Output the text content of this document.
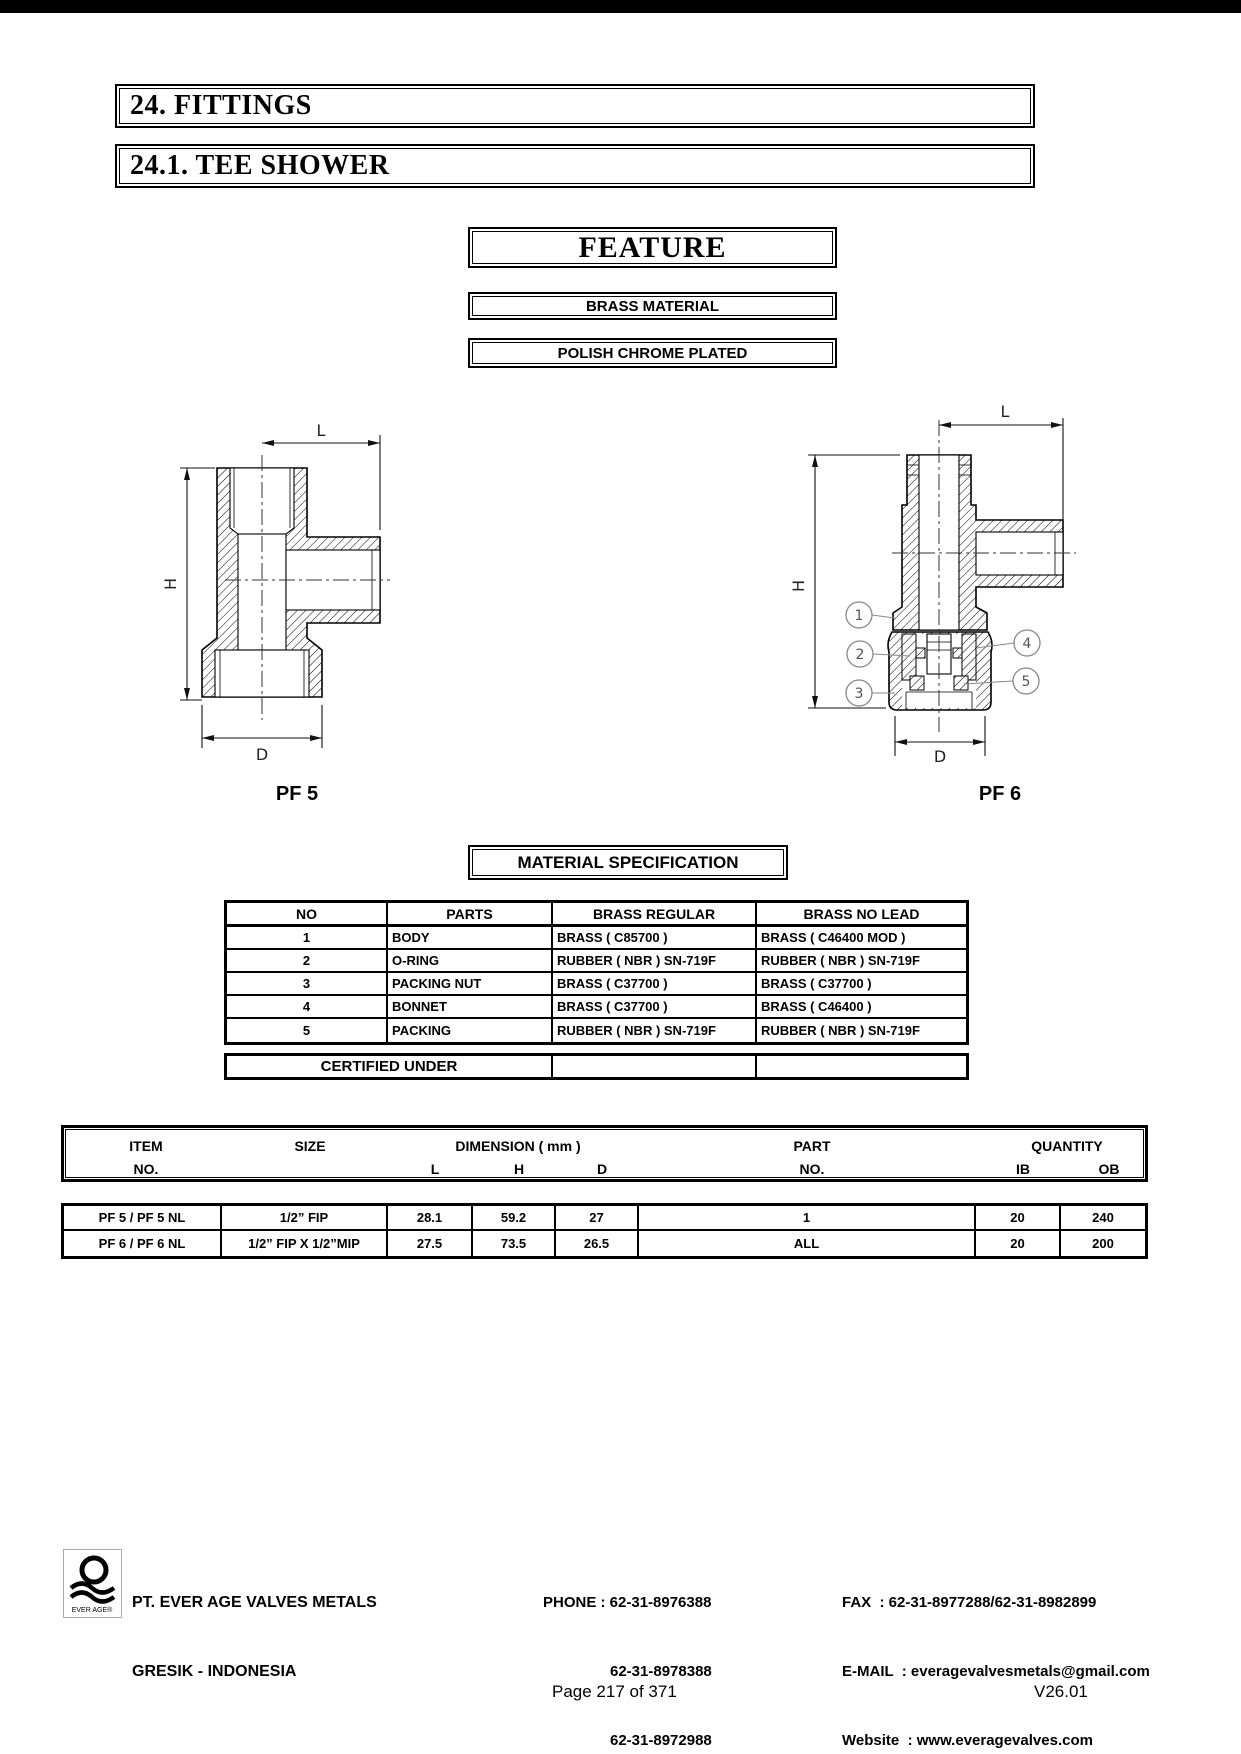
24. FITTINGS
24.1. TEE SHOWER
FEATURE
BRASS MATERIAL
POLISH CHROME PLATED
L
H
D
PF 5
L
H
1
2
3
4
5
D
PF 6
MATERIAL SPECIFICATION
NO	PARTS	BRASS REGULAR	BRASS NO LEAD
1	BODY	BRASS ( C85700 )	BRASS ( C46400 MOD )
2	O-RING	RUBBER ( NBR ) SN-719F	RUBBER ( NBR ) SN-719F
3	PACKING NUT	BRASS ( C37700 )	BRASS ( C37700 )
4	BONNET	BRASS ( C37700 )	BRASS ( C46400 )
5	PACKING	RUBBER ( NBR ) SN-719F	RUBBER ( NBR ) SN-719F
CERTIFIED UNDER
ITEM	SIZE	DIMENSION ( mm )	PART	QUANTITY
NO.	L	H	D	NO.	IB	OB
PF 5 / PF 5 NL	1/2” FIP	28.1	59.2	27	1	20	240
PF 6 / PF 6 NL	1/2” FIP X 1/2”MIP	27.5	73.5	26.5	ALL	20	200
EVER AGE®

PT. EVER AGE VALVES METALS

GRESIK - INDONESIA

PHONE : 62-31-8976388

62-31-8978388

62-31-8972988

FAX  : 62-31-8977288/62-31-8982899

E-MAIL  : everagevalvesmetals@gmail.com

Website  : www.everagevalves.com

Page 217 of 371	V26.01
